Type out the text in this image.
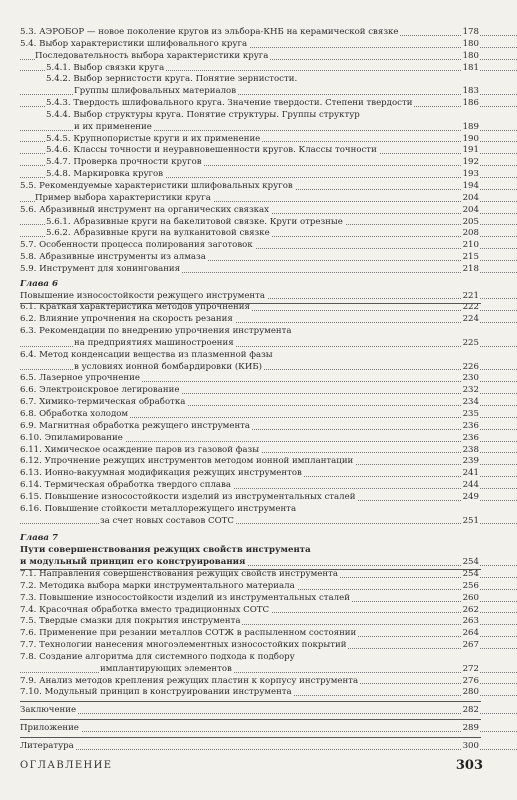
5.3. АЭРОБОР — новое поколение кругов из эльбора-КНБ на керамической связке	178
5.4. Выбор характеристики шлифовального круга	180
Последовательность выбора характеристики круга	180
5.4.1. Выбор связки круга	181
5.4.2. Выбор зернистости круга. Понятие зернистости.
Группы шлифовальных материалов	183
5.4.3. Твердость шлифовального круга. Значение твердости. Степени твердости	186
5.4.4. Выбор структуры круга. Понятие структуры. Группы структур
и их применение	189
5.4.5. Крупнопористые круги и их применение	190
5.4.6. Классы точности и неуравновешенности кругов. Классы точности	191
5.4.7. Проверка прочности кругов	192
5.4.8. Маркировка кругов	193
5.5. Рекомендуемые характеристики шлифовальных кругов	194
Пример выбора характеристики круга	204
5.6. Абразивный инструмент на органических связках	204
5.6.1. Абразивные круги на бакелитовой связке. Круги отрезные	205
5.6.2. Абразивные круги на вулканитовой связке	208
5.7. Особенности процесса полирования заготовок	210
5.8. Абразивные инструменты из алмаза	215
5.9. Инструмент для хонингования	218
Глава 6
Повышение износостойкости режущего инструмента	221
6.1. Краткая характеристика методов упрочнения	222
6.2. Влияние упрочнения на скорость резания	224
6.3. Рекомендации по внедрению упрочнения инструмента
на предприятиях машиностроения	225
6.4. Метод конденсации вещества из плазменной фазы
в условиях ионной бомбардировки (КИБ)	226
6.5. Лазерное упрочнение	230
6.6. Электроискровое легирование	232
6.7. Химико-термическая обработка	234
6.8. Обработка холодом	235
6.9. Магнитная обработка режущего инструмента	236
6.10. Эпиламирование	236
6.11. Химическое осаждение паров из газовой фазы	238
6.12. Упрочнение режущих инструментов методом ионной имплантации	239
6.13. Ионно-вакуумная модификация режущих инструментов	241
6.14. Термическая обработка твердого сплава	244
6.15. Повышение износостойкости изделий из инструментальных сталей	249
6.16. Повышение стойкости металлорежущего инструмента
за счет новых составов СОТС	251
Глава 7
Пути совершенствования режущих свойств инструмента
и модульный принцип его конструирования	254
7.1. Направления совершенствования режущих свойств инструмента	254
7.2. Методика выбора марки инструментального материала	256
7.3. Повышение износостойкости изделий из инструментальных сталей	260
7.4. Красочная обработка вместо традиционных СОТС	262
7.5. Твердые смазки для покрытия инструмента	263
7.6. Применение при резании металлов СОТЖ в распыленном состоянии	264
7.7. Технологии нанесения многоэлементных износостойких покрытий	267
7.8. Создание алгоритма для системного подхода к подбору
имплантирующих элементов	272
7.9. Анализ методов крепления режущих пластин к корпусу инструмента	276
7.10. Модульный принцип в конструировании инструмента	280
Заключение	282
Приложение	289
Литература	300
ОГЛАВЛЕНИЕ	303
